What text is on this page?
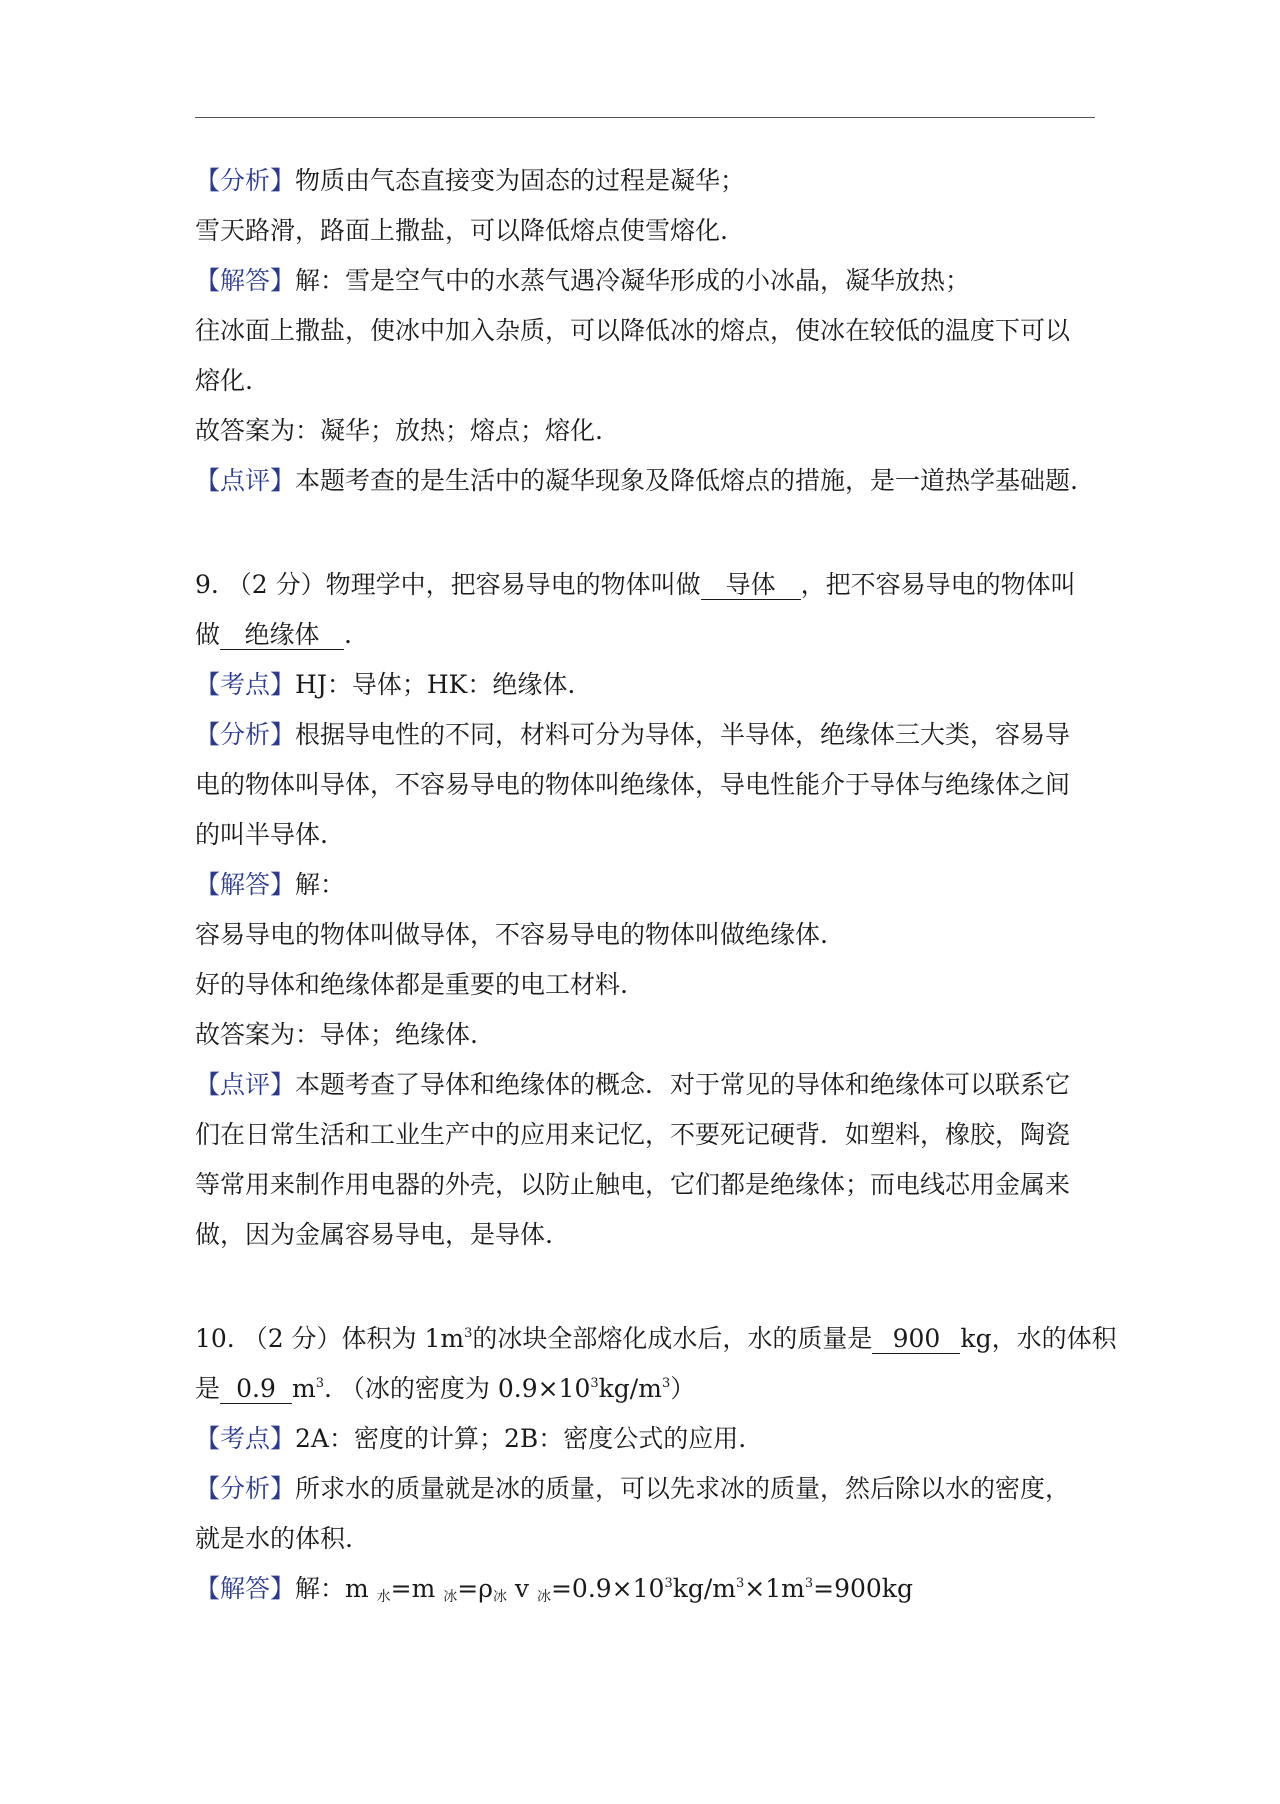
【分析】物质由气态直接变为固态的过程是凝华；
雪天路滑，路面上撒盐，可以降低熔点使雪熔化.
【解答】解：雪是空气中的水蒸气遇冷凝华形成的小冰晶，凝华放热；
往冰面上撒盐，使冰中加入杂质，可以降低冰的熔点，使冰在较低的温度下可以
熔化.
故答案为：凝华；放热；熔点；熔化.
【点评】本题考查的是生活中的凝华现象及降低熔点的措施，是一道热学基础题.
9. （2 分）物理学中，把容易导电的物体叫做 导体 ，把不容易导电的物体叫
做 绝缘体 .
【考点】HJ：导体；HK：绝缘体.
【分析】根据导电性的不同，材料可分为导体，半导体，绝缘体三大类，容易导
电的物体叫导体，不容易导电的物体叫绝缘体，导电性能介于导体与绝缘体之间
的叫半导体.
【解答】解：
容易导电的物体叫做导体，不容易导电的物体叫做绝缘体.
好的导体和绝缘体都是重要的电工材料.
故答案为：导体；绝缘体.
【点评】本题考查了导体和绝缘体的概念．对于常见的导体和绝缘体可以联系它
们在日常生活和工业生产中的应用来记忆，不要死记硬背．如塑料，橡胶，陶瓷
等常用来制作用电器的外壳，以防止触电，它们都是绝缘体；而电线芯用金属来
做，因为金属容易导电，是导体.
10. （2 分）体积为 $1m^3$的冰块全部熔化成水后，水的质量是 900 kg，水的体积
是 0.9 $m^3$. （冰的密度为 $0.9\times 10^3kg/m^3$）
【考点】2A：密度的计算；2B：密度公式的应用.
【分析】所求水的质量就是冰的质量，可以先求冰的质量，然后除以水的密度，
就是水的体积.
【解答】解：m $_水$=m $_冰=\rho_冰$ v $_冰=0.9\times 10^3kg/m^3\times 1m^3=900kg$
